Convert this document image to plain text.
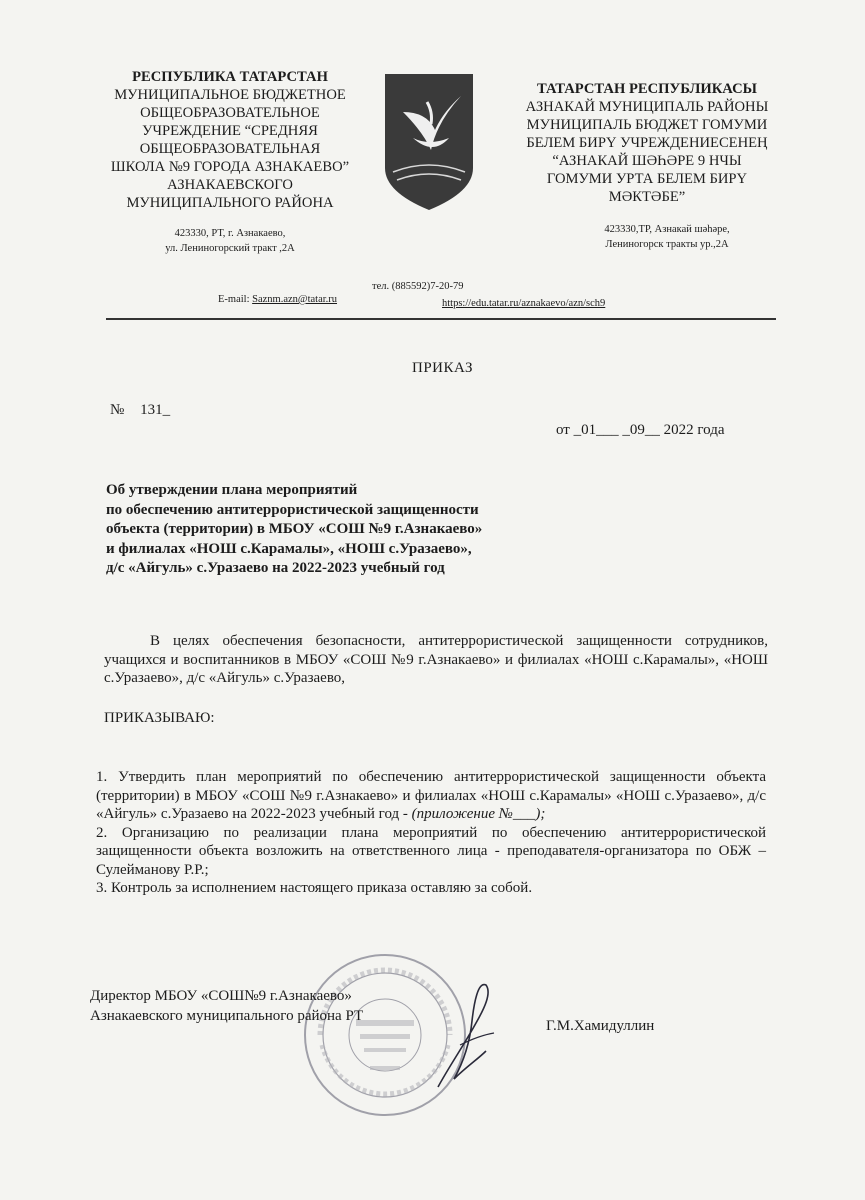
РЕСПУБЛИКА ТАТАРСТАН
МУНИЦИПАЛЬНОЕ БЮДЖЕТНОЕ
ОБЩЕОБРАЗОВАТЕЛЬНОЕ
УЧРЕЖДЕНИЕ “СРЕДНЯЯ
ОБЩЕОБРАЗОВАТЕЛЬНАЯ
ШКОЛА №9 ГОРОДА АЗНАКАЕВО”
АЗНАКАЕВСКОГО
МУНИЦИПАЛЬНОГО РАЙОНА
423330, РТ, г. Азнакаево,
ул. Лениногорский тракт ,2А
ТАТАРСТАН РЕСПУБЛИКАСЫ
АЗНАКАЙ МУНИЦИПАЛЬ РАЙОНЫ
МУНИЦИПАЛЬ БЮДЖЕТ ГОМУМИ
БЕЛЕМ БИРҮ УЧРЕЖДЕНИЕСЕНЕҢ
“АЗНАКАЙ ШӘҺӘРЕ 9 НЧЫ
ГОМУМИ УРТА БЕЛЕМ БИРҮ
МӘКТӘБЕ”
423330,ТР, Азнакай шәһәре,
Лениногорск тракты ур.,2А
тел. (885592)7-20-79
E-mail: Saznm.azn@tatar.ru	https://edu.tatar.ru/aznakaevo/azn/sch9
ПРИКАЗ
№ 131_
от _01___ _09__ 2022 года
Об утверждении плана мероприятий
по обеспечению антитеррористической защищенности
объекта (территории) в МБОУ «СОШ №9 г.Азнакаево»
и филиалах «НОШ с.Карамалы», «НОШ с.Уразаево»,
д/с «Айгуль» с.Уразаево на 2022-2023 учебный год
В целях обеспечения безопасности, антитеррористической защищенности сотрудников, учащихся и воспитанников в МБОУ «СОШ №9 г.Азнакаево» и филиалах «НОШ с.Карамалы», «НОШ с.Уразаево», д/с «Айгуль» с.Уразаево,
ПРИКАЗЫВАЮ:

1. Утвердить план мероприятий по обеспечению антитеррористической защищенности объекта (территории) в МБОУ «СОШ №9 г.Азнакаево» и филиалах «НОШ с.Карамалы» «НОШ с.Уразаево», д/с «Айгуль» с.Уразаево на 2022-2023 учебный год - (приложение №___);

2. Организацию по реализации плана мероприятий по обеспечению антитеррористической защищенности объекта возложить на ответственного лица - преподавателя-организатора по ОБЖ – Сулейманову Р.Р.;

3. Контроль за исполнением настоящего приказа оставляю за собой.

Директор МБОУ «СОШ№9 г.Азнакаево»
Азнакаевского муниципального района РТ
Г.М.Хамидуллин
